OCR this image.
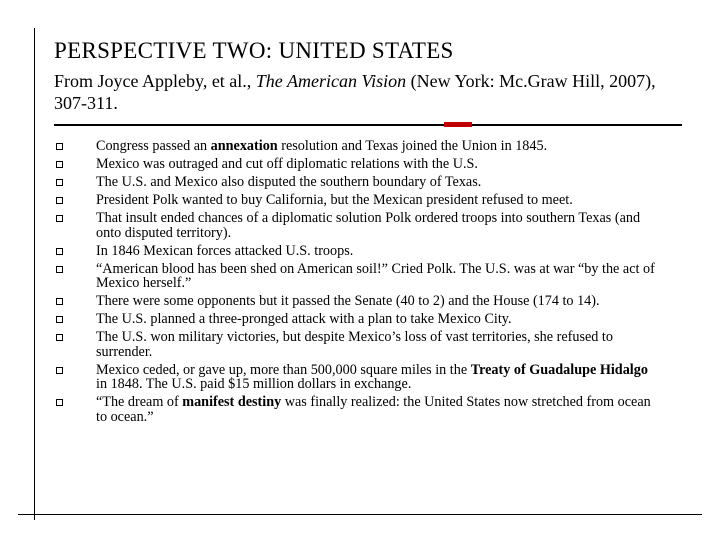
PERSPECTIVE TWO: UNITED STATES
From Joyce Appleby, et al., The American Vision (New York: Mc.Graw Hill, 2007), 307-311.
Congress passed an annexation resolution and Texas joined the Union in 1845.
Mexico was outraged and cut off diplomatic relations with the U.S.
The U.S. and Mexico also disputed the southern boundary of Texas.
President Polk wanted to buy California, but the Mexican president refused to meet.
That insult ended chances of a diplomatic solution Polk ordered troops into southern Texas (and onto disputed territory).
In 1846 Mexican forces attacked U.S. troops.
“American blood has been shed on American soil!” Cried Polk. The U.S. was at war “by the act of Mexico herself.”
There were some opponents but it passed the Senate (40 to 2) and the House (174 to 14).
The U.S. planned a three-pronged attack with a plan to take Mexico City.
The U.S. won military victories, but despite Mexico’s loss of vast territories, she refused to surrender.
Mexico ceded, or gave up, more than 500,000 square miles in the Treaty of Guadalupe Hidalgo in 1848. The U.S. paid $15 million dollars in exchange.
“The dream of manifest destiny was finally realized: the United States now stretched from ocean to ocean.”
